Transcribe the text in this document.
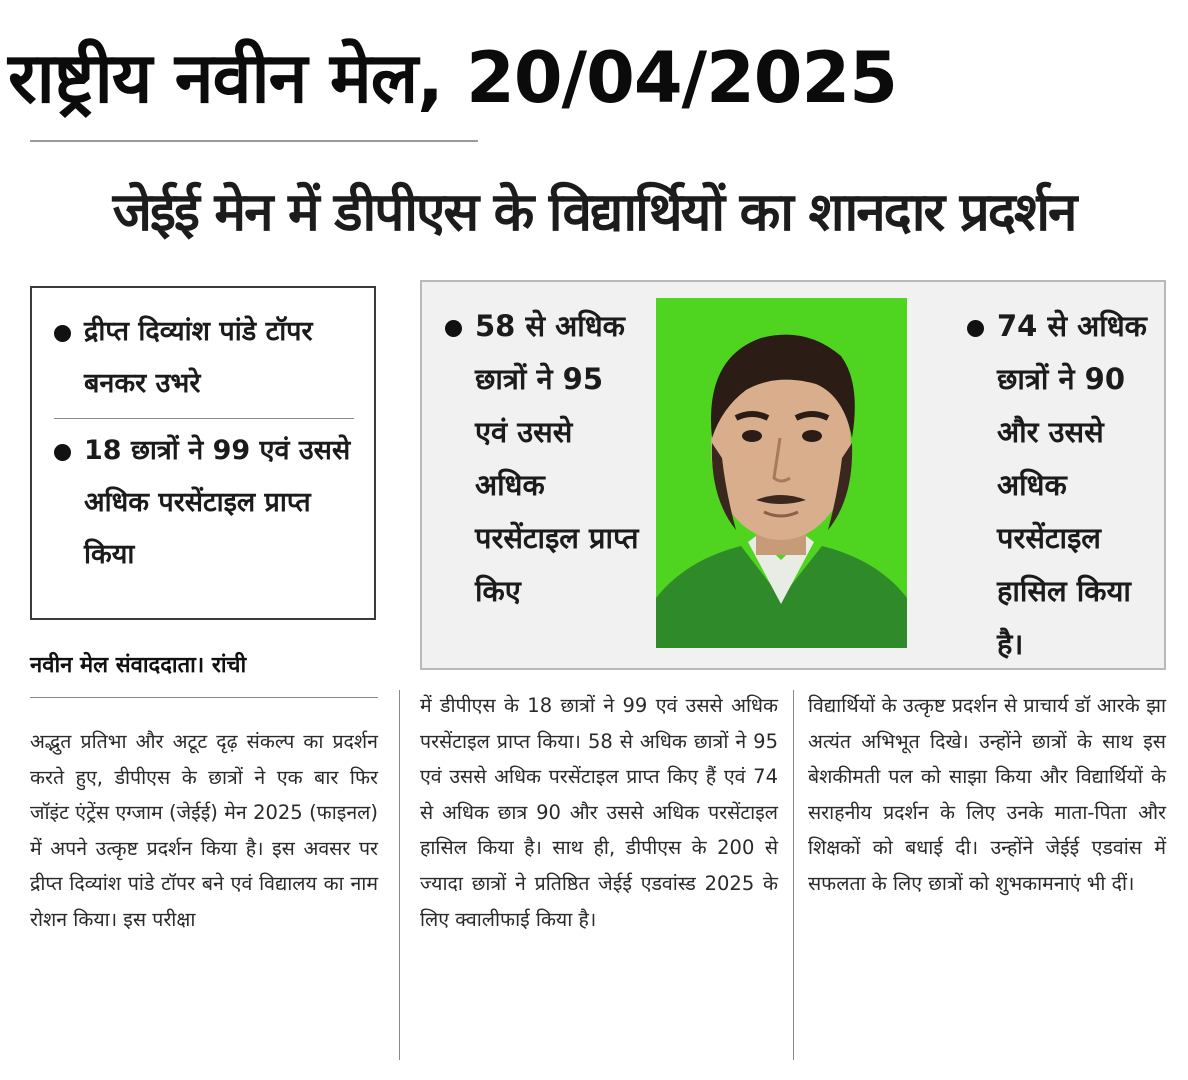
राष्ट्रीय नवीन मेल, 20/04/2025
जेईई मेन में डीपीएस के विद्यार्थियों का शानदार प्रदर्शन
द्रीप्त दिव्यांश पांडे टॉपर बनकर उभरे
18 छात्रों ने 99 एवं उससे अधिक परसेंटाइल प्राप्त किया
नवीन मेल संवाददाता। रांची
58 से अधिक छात्रों ने 95 एवं उससे अधिक परसेंटाइल प्राप्त किए
74 से अधिक छात्रों ने 90 और उससे अधिक परसेंटाइल हासिल किया है।
अद्भुत प्रतिभा और अटूट दृढ़ संकल्प का प्रदर्शन करते हुए, डीपीएस के छात्रों ने एक बार फिर जॉइंट एंट्रेंस एग्जाम (जेईई) मेन 2025 (फाइनल) में अपने उत्कृष्ट प्रदर्शन किया है। इस अवसर पर द्रीप्त दिव्यांश पांडे टॉपर बने एवं विद्यालय का नाम रोशन किया। इस परीक्षा
में डीपीएस के 18 छात्रों ने 99 एवं उससे अधिक परसेंटाइल प्राप्त किया। 58 से अधिक छात्रों ने 95 एवं उससे अधिक परसेंटाइल प्राप्त किए हैं एवं 74 से अधिक छात्र 90 और उससे अधिक परसेंटाइल हासिल किया है। साथ ही, डीपीएस के 200 से ज्यादा छात्रों ने प्रतिष्ठित जेईई एडवांस्ड 2025 के लिए क्वालीफाई किया है।
विद्यार्थियों के उत्कृष्ट प्रदर्शन से प्राचार्य डॉ आरके झा अत्यंत अभिभूत दिखे। उन्होंने छात्रों के साथ इस बेशकीमती पल को साझा किया और विद्यार्थियों के सराहनीय प्रदर्शन के लिए उनके माता-पिता और शिक्षकों को बधाई दी। उन्होंने जेईई एडवांस में सफलता के लिए छात्रों को शुभकामनाएं भी दीं।
